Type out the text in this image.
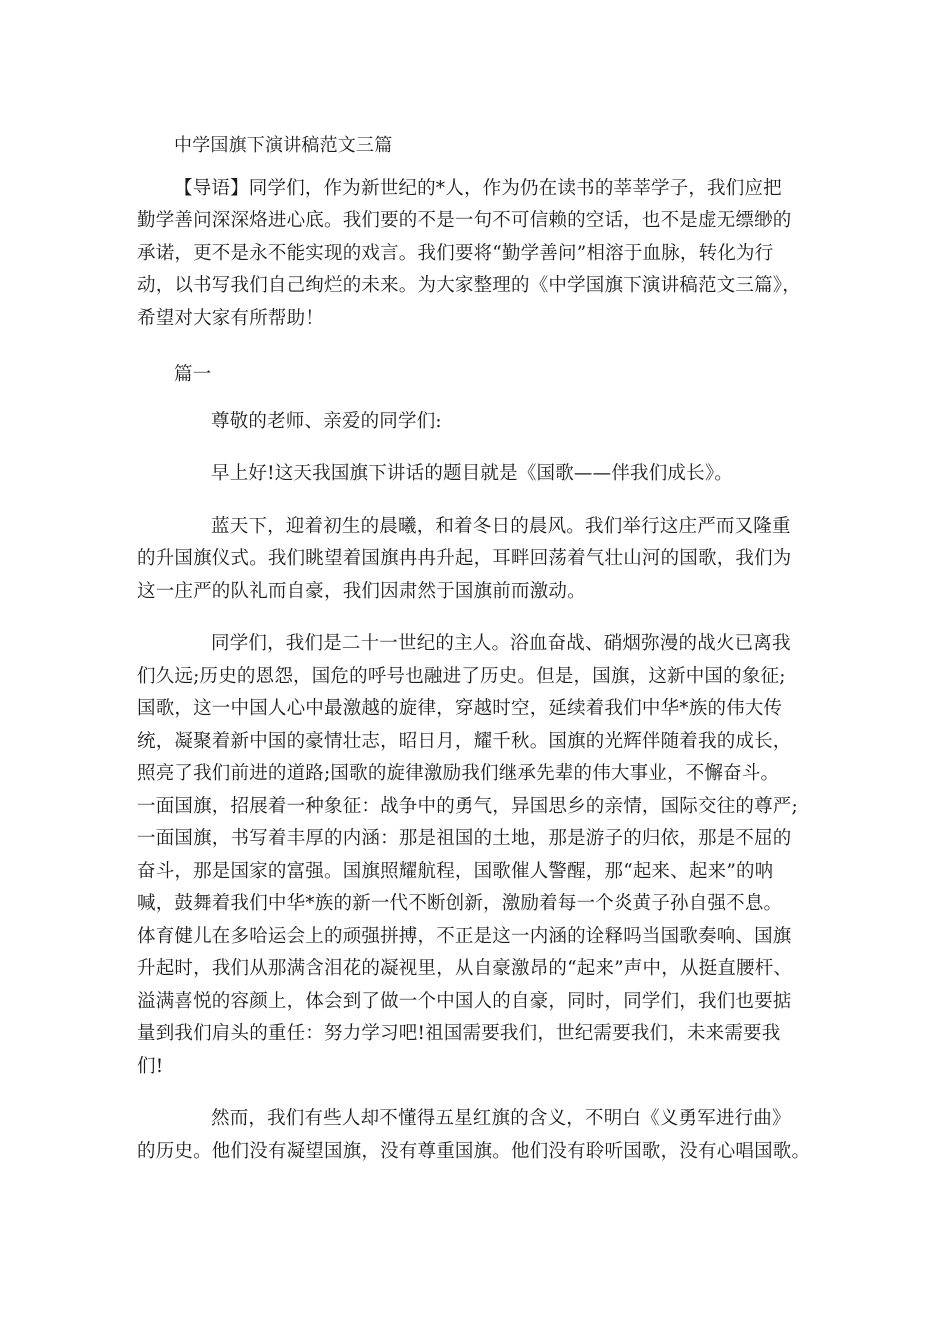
中学国旗下演讲稿范文三篇
【导语】同学们，作为新世纪的*人，作为仍在读书的莘莘学子，我们应把
勤学善问深深烙进心底。我们要的不是一句不可信赖的空话，也不是虚无缥缈的
承诺，更不是永不能实现的戏言。我们要将“勤学善问”相溶于血脉，转化为行
动，以书写我们自己绚烂的未来。为大家整理的《中学国旗下演讲稿范文三篇》，
希望对大家有所帮助！
篇一
尊敬的老师、亲爱的同学们:
早上好!这天我国旗下讲话的题目就是《国歌——伴我们成长》。
蓝天下，迎着初生的晨曦，和着冬日的晨风。我们举行这庄严而又隆重
的升国旗仪式。我们眺望着国旗冉冉升起，耳畔回荡着气壮山河的国歌，我们为
这一庄严的队礼而自豪，我们因肃然于国旗前而激动。
同学们，我们是二十一世纪的主人。浴血奋战、硝烟弥漫的战火已离我
们久远;历史的恩怨，国危的呼号也融进了历史。但是，国旗，这新中国的象征;
国歌，这一中国人心中最激越的旋律，穿越时空，延续着我们中华*族的伟大传
统，凝聚着新中国的豪情壮志，昭日月，耀千秋。国旗的光辉伴随着我的成长，
照亮了我们前进的道路;国歌的旋律激励我们继承先辈的伟大事业，不懈奋斗。
一面国旗，招展着一种象征：战争中的勇气，异国思乡的亲情，国际交往的尊严;
一面国旗，书写着丰厚的内涵：那是祖国的土地，那是游子的归依，那是不屈的
奋斗，那是国家的富强。国旗照耀航程，国歌催人警醒，那“起来、起来”的呐
喊，鼓舞着我们中华*族的新一代不断创新，激励着每一个炎黄子孙自强不息。
体育健儿在多哈运会上的顽强拼搏，不正是这一内涵的诠释吗当国歌奏响、国旗
升起时，我们从那满含泪花的凝视里，从自豪激昂的“起来”声中，从挺直腰杆、
溢满喜悦的容颜上，体会到了做一个中国人的自豪，同时，同学们，我们也要掂
量到我们肩头的重任：努力学习吧!祖国需要我们，世纪需要我们，未来需要我
们!
然而，我们有些人却不懂得五星红旗的含义，不明白《义勇军进行曲》
的历史。他们没有凝望国旗，没有尊重国旗。他们没有聆听国歌，没有心唱国歌。
